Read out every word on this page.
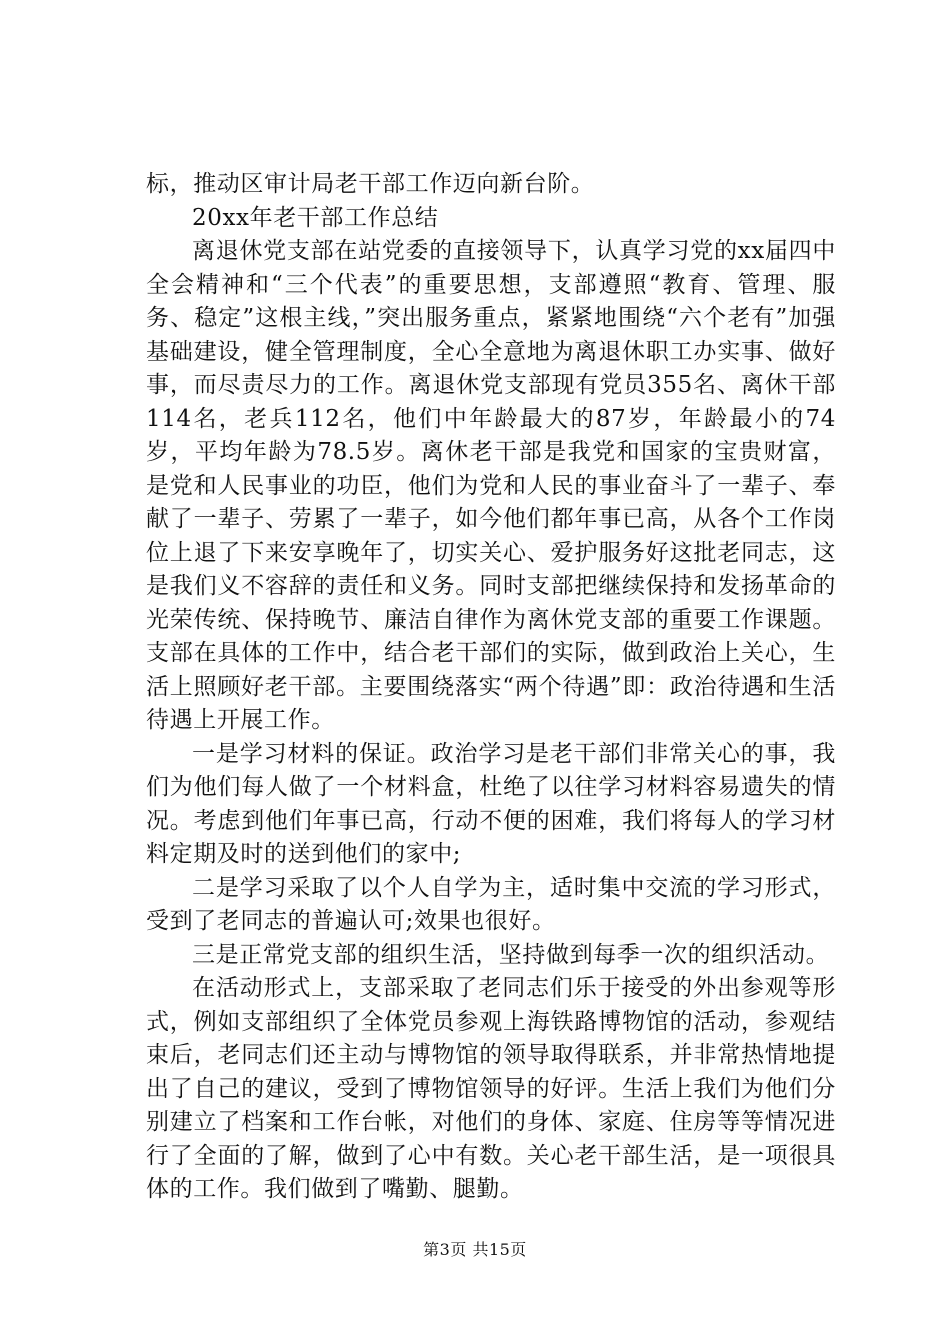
标，推动区审计局老干部工作迈向新台阶。

20xx年老干部工作总结

离退休党支部在站党委的直接领导下，认真学习党的xx届四中全会精神和“三个代表”的重要思想，支部遵照“教育、管理、服务、稳定”这根主线，”突出服务重点，紧紧地围绕“六个老有”加强基础建设，健全管理制度，全心全意地为离退休职工办实事、做好事，而尽责尽力的工作。离退休党支部现有党员355名、离休干部114名，老兵112名，他们中年龄最大的87岁，年龄最小的74岁，平均年龄为78.5岁。离休老干部是我党和国家的宝贵财富，是党和人民事业的功臣，他们为党和人民的事业奋斗了一辈子、奉献了一辈子、劳累了一辈子，如今他们都年事已高，从各个工作岗位上退了下来安享晚年了，切实关心、爱护服务好这批老同志，这是我们义不容辞的责任和义务。同时支部把继续保持和发扬革命的光荣传统、保持晚节、廉洁自律作为离休党支部的重要工作课题。支部在具体的工作中，结合老干部们的实际，做到政治上关心，生活上照顾好老干部。主要围绕落实“两个待遇”即：政治待遇和生活待遇上开展工作。

一是学习材料的保证。政治学习是老干部们非常关心的事，我们为他们每人做了一个材料盒，杜绝了以往学习材料容易遗失的情况。考虑到他们年事已高，行动不便的困难，我们将每人的学习材料定期及时的送到他们的家中;

二是学习采取了以个人自学为主，适时集中交流的学习形式，受到了老同志的普遍认可;效果也很好。

三是正常党支部的组织生活，坚持做到每季一次的组织活动。

在活动形式上，支部采取了老同志们乐于接受的外出参观等形式，例如支部组织了全体党员参观上海铁路博物馆的活动，参观结束后，老同志们还主动与博物馆的领导取得联系，并非常热情地提出了自己的建议，受到了博物馆领导的好评。生活上我们为他们分别建立了档案和工作台帐，对他们的身体、家庭、住房等等情况进行了全面的了解，做到了心中有数。关心老干部生活，是一项很具体的工作。我们做到了嘴勤、腿勤。

第3页 共15页
